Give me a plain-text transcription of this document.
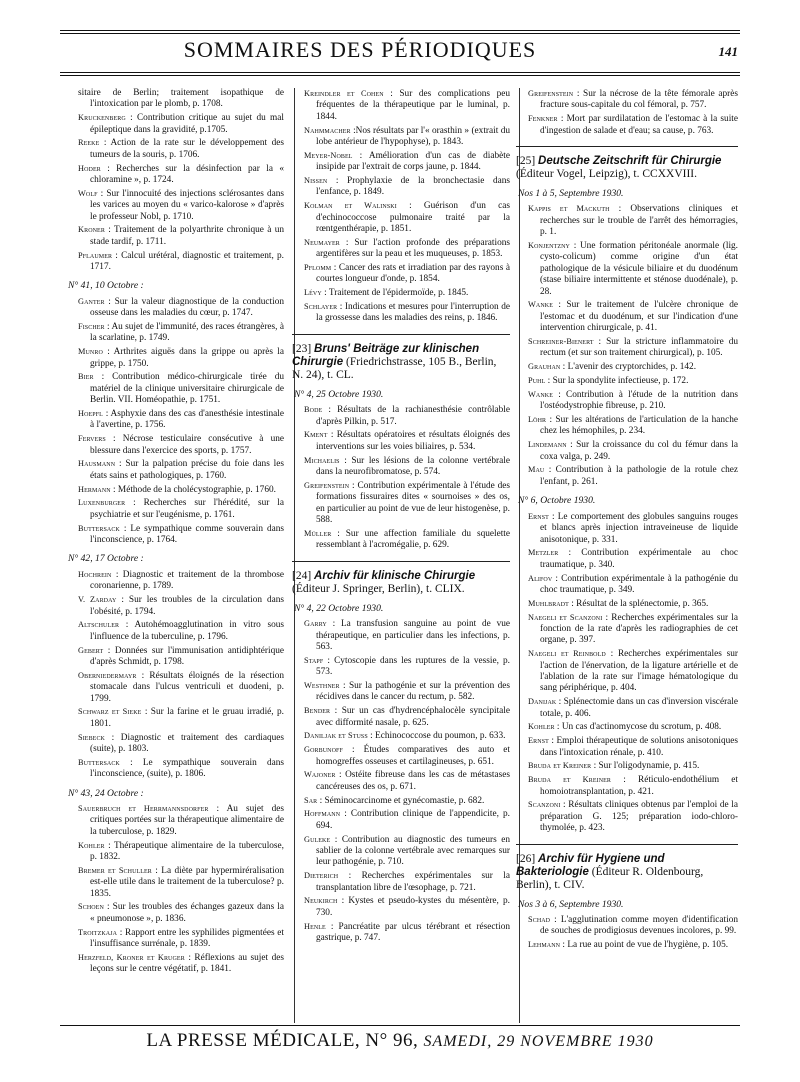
SOMMAIRES DES PÉRIODIQUES	141

sitaire de Berlin; traitement isopathique de l'intoxication par le plomb, p. 1708.

Kruckenberg : Contribution critique au sujet du mal épileptique dans la gravidité, p.1705.

Reeke : Action de la rate sur le développement des tumeurs de la souris, p. 1706.

Hoder : Recherches sur la désinfection par la « chloramine », p. 1724.

Wolf : Sur l'innocuité des injections sclérosantes dans les varices au moyen du « varico-kalorose » d'après le professeur Nobl, p. 1710.

Kroner : Traitement de la polyarthrite chronique à un stade tardif, p. 1711.

Pflaumer : Calcul urétéral, diagnostic et traitement, p. 1717.

N° 41, 10 Octobre :

Ganter : Sur la valeur diagnostique de la conduction osseuse dans les maladies du cœur, p. 1747.

Fischer : Au sujet de l'immunité, des races étrangères, à la scarlatine, p. 1749.

Munro : Arthrites aiguës dans la grippe ou après la grippe, p. 1750.

Bier : Contribution médico-chirurgicale tirée du matériel de la clinique universitaire chirurgicale de Berlin. VII. Homéopathie, p. 1751.

Hoepfl : Asphyxie dans des cas d'anesthésie intestinale à l'avertine, p. 1756.

Fervers : Nécrose testiculaire consécutive à une blessure dans l'exercice des sports, p. 1757.

Hausmann : Sur la palpation précise du foie dans les états sains et pathologiques, p. 1760.

Hermann : Méthode de la cholécystographie, p. 1760.

Luxenburger : Recherches sur l'hérédité, sur la psychiatrie et sur l'eugénisme, p. 1761.

Buttersack : Le sympathique comme souverain dans l'inconscience, p. 1764.

N° 42, 17 Octobre :

Hochrein : Diagnostic et traitement de la thrombose coronarienne, p. 1789.

V. Zarday : Sur les troubles de la circulation dans l'obésité, p. 1794.

Altschuler : Autohémoagglutination in vitro sous l'influence de la tuberculine, p. 1796.

Gebert : Données sur l'immunisation antidiphtérique d'après Schmidt, p. 1798.

Oberniedermayr : Résultats éloignés de la résection stomacale dans l'ulcus ventriculi et duodeni, p. 1799.

Schwarz et Sieke : Sur la farine et le gruau irradié, p. 1801.

Siebeck : Diagnostic et traitement des cardiaques (suite), p. 1803.

Buttersack : Le sympathique souverain dans l'inconscience, (suite), p. 1806.

N° 43, 24 Octobre :

Sauerbruch et Herrmannsdorfer : Au sujet des critiques portées sur la thérapeutique alimentaire de la tuberculose, p. 1829.

Kohler : Thérapeutique alimentaire de la tuberculose, p. 1832.

Bremer et Schuller : La diète par hypermiréralisation est-elle utile dans le traitement de la tuberculose? p. 1835.

Schoen : Sur les troubles des échanges gazeux dans la « pneumonose », p. 1836.

Troitzkaja : Rapport entre les syphilides pigmentées et l'insuffisance surrénale, p. 1839.

Herzfeld, Kroner et Kruger : Réflexions au sujet des leçons sur le centre végétatif, p. 1841.

Kreindler et Cohen : Sur des complications peu fréquentes de la thérapeutique par le luminal, p. 1844.

Nahmmacher :Nos résultats par l'« orasthin » (extrait du lobe antérieur de l'hypophyse), p. 1843.

Meyer-Nobel : Amélioration d'un cas de diabète insipide par l'extrait de corps jaune, p. 1844.

Nissen : Prophylaxie de la bronchectasie dans l'enfance, p. 1849.

Kolman et Walinski : Guérison d'un cas d'echinococcose pulmonaire traité par la rœntgenthérapie, p. 1851.

Neumayer : Sur l'action profonde des préparations argentifères sur la peau et les muqueuses, p. 1853.

Pflomm : Cancer des rats et irradiation par des rayons à courtes longueur d'onde, p. 1854.

Lévy : Traitement de l'épidermoïde, p. 1845.

Schlayer : Indications et mesures pour l'interruption de la grossesse dans les maladies des reins, p. 1846.

[23] Bruns' Beiträge zur klinischen Chirurgie (Friedrichstrasse, 105 B., Berlin, N. 24), t. CL.
N° 4, 25 Octobre 1930.

Bode : Résultats de la rachianesthésie contrôlable d'après Pilkin, p. 517.

Kment : Résultats opératoires et résultats éloignés des interventions sur les voies biliaires, p. 534.

Michaelis : Sur les lésions de la colonne vertébrale dans la neurofibromatose, p. 574.

Greifenstein : Contribution expérimentale à l'étude des formations fissuraires dites « sournoises » des os, en particulier au point de vue de leur histogenèse, p. 588.

Müller : Sur une affection familiale du squelette ressemblant à l'acromégalie, p. 629.

[24] Archiv für klinische Chirurgie (Éditeur J. Springer, Berlin), t. CLIX.
N° 4, 22 Octobre 1930.

Garry : La transfusion sanguine au point de vue thérapeutique, en particulier dans les infections, p. 563.

Stapf : Cytoscopie dans les ruptures de la vessie, p. 573.

Westhner : Sur la pathogénie et sur la prévention des récidives dans le cancer du rectum, p. 582.

Bender : Sur un cas d'hydrencéphalocèle syncipitale avec difformité nasale, p. 625.

Daniljak et Stuss : Echinococcose du poumon, p. 633.

Gorbunoff : Études comparatives des auto et homogreffes osseuses et cartilagineuses, p. 651.

Wajoner : Ostéite fibreuse dans les cas de métastases cancéreuses des os, p. 671.

Sar : Séminocarcinome et gynécomastie, p. 682.

Hoffmann : Contribution clinique de l'appendicite, p. 694.

Guleke : Contribution au diagnostic des tumeurs en sablier de la colonne vertébrale avec remarques sur leur pathogénie, p. 710.

Dieterich : Recherches expérimentales sur la transplantation libre de l'œsophage, p. 721.

Neukirch : Kystes et pseudo-kystes du mésentère, p. 730.

Henle : Pancréatite par ulcus térébrant et résection gastrique, p. 747.

Greifenstein : Sur la nécrose de la tête fémorale après fracture sous-capitale du col fémoral, p. 757.

Fenkner : Mort par surdilatation de l'estomac à la suite d'ingestion de salade et d'eau; sa cause, p. 763.

[25] Deutsche Zeitschrift für Chirurgie (Éditeur Vogel, Leipzig), t. CCXXVIII.
Nos 1 à 5, Septembre 1930.

Kappis et Mackuth : Observations cliniques et recherches sur le trouble de l'arrêt des hémorragies, p. 1.

Konjentzny : Une formation péritonéale anormale (lig. cysto-colicum) comme origine d'un état pathologique de la vésicule biliaire et du duodénum (stase biliaire intermittente et sténose duodénale), p. 28.

Wanke : Sur le traitement de l'ulcère chronique de l'estomac et du duodénum, et sur l'indication d'une intervention chirurgicale, p. 41.

Schreiner-Bienert : Sur la stricture inflammatoire du rectum (et sur son traitement chirurgical), p. 105.

Grauhan : L'avenir des cryptorchides, p. 142.

Puhl : Sur la spondylite infectieuse, p. 172.

Wanke : Contribution à l'étude de la nutrition dans l'ostéodystrophie fibreuse, p. 210.

Löhr : Sur les altérations de l'articulation de la hanche chez les hémophiles, p. 234.

Lindemann : Sur la croissance du col du fémur dans la coxa valga, p. 249.

Mau : Contribution à la pathologie de la rotule chez l'enfant, p. 261.

N° 6, Octobre 1930.

Ernst : Le comportement des globules sanguins rouges et blancs après injection intraveineuse de liquide anisotonique, p. 331.

Metzler : Contribution expérimentale au choc traumatique, p. 340.

Alifov : Contribution expérimentale à la pathogénie du choc traumatique, p. 349.

Muhlbradt : Résultat de la splénectomie, p. 365.

Naegeli et Scanzoni : Recherches expérimentales sur la fonction de la rate d'après les radiographies de cet organe, p. 397.

Naegeli et Reinbold : Recherches expérimentales sur l'action de l'énervation, de la ligature artérielle et de l'ablation de la rate sur l'image hématologique du sang périphérique, p. 404.

Danijak : Splénectomie dans un cas d'inversion viscérale totale, p. 406.

Kohler : Un cas d'actinomycose du scrotum, p. 408.

Ernst : Emploi thérapeutique de solutions anisotoniques dans l'intoxication rénale, p. 410.

Bruda et Kreiner : Sur l'oligodynamie, p. 415.

Bruda et Kreiner : Réticulo-endothélium et homoiotransplantation, p. 421.

Scanzoni : Résultats cliniques obtenus par l'emploi de la préparation G. 125; préparation iodo-chloro-thymolée, p. 423.

[26] Archiv für Hygiene und Bakteriologie (Éditeur R. Oldenbourg, Berlin), t. CIV.
Nos 3 à 6, Septembre 1930.

Schad : L'agglutination comme moyen d'identification de souches de prodigiosus devenues incolores, p. 99.

Lehmann : La rue au point de vue de l'hygiène, p. 105.

LA PRESSE MÉDICALE, N° 96, SAMEDI, 29 NOVEMBRE 1930
